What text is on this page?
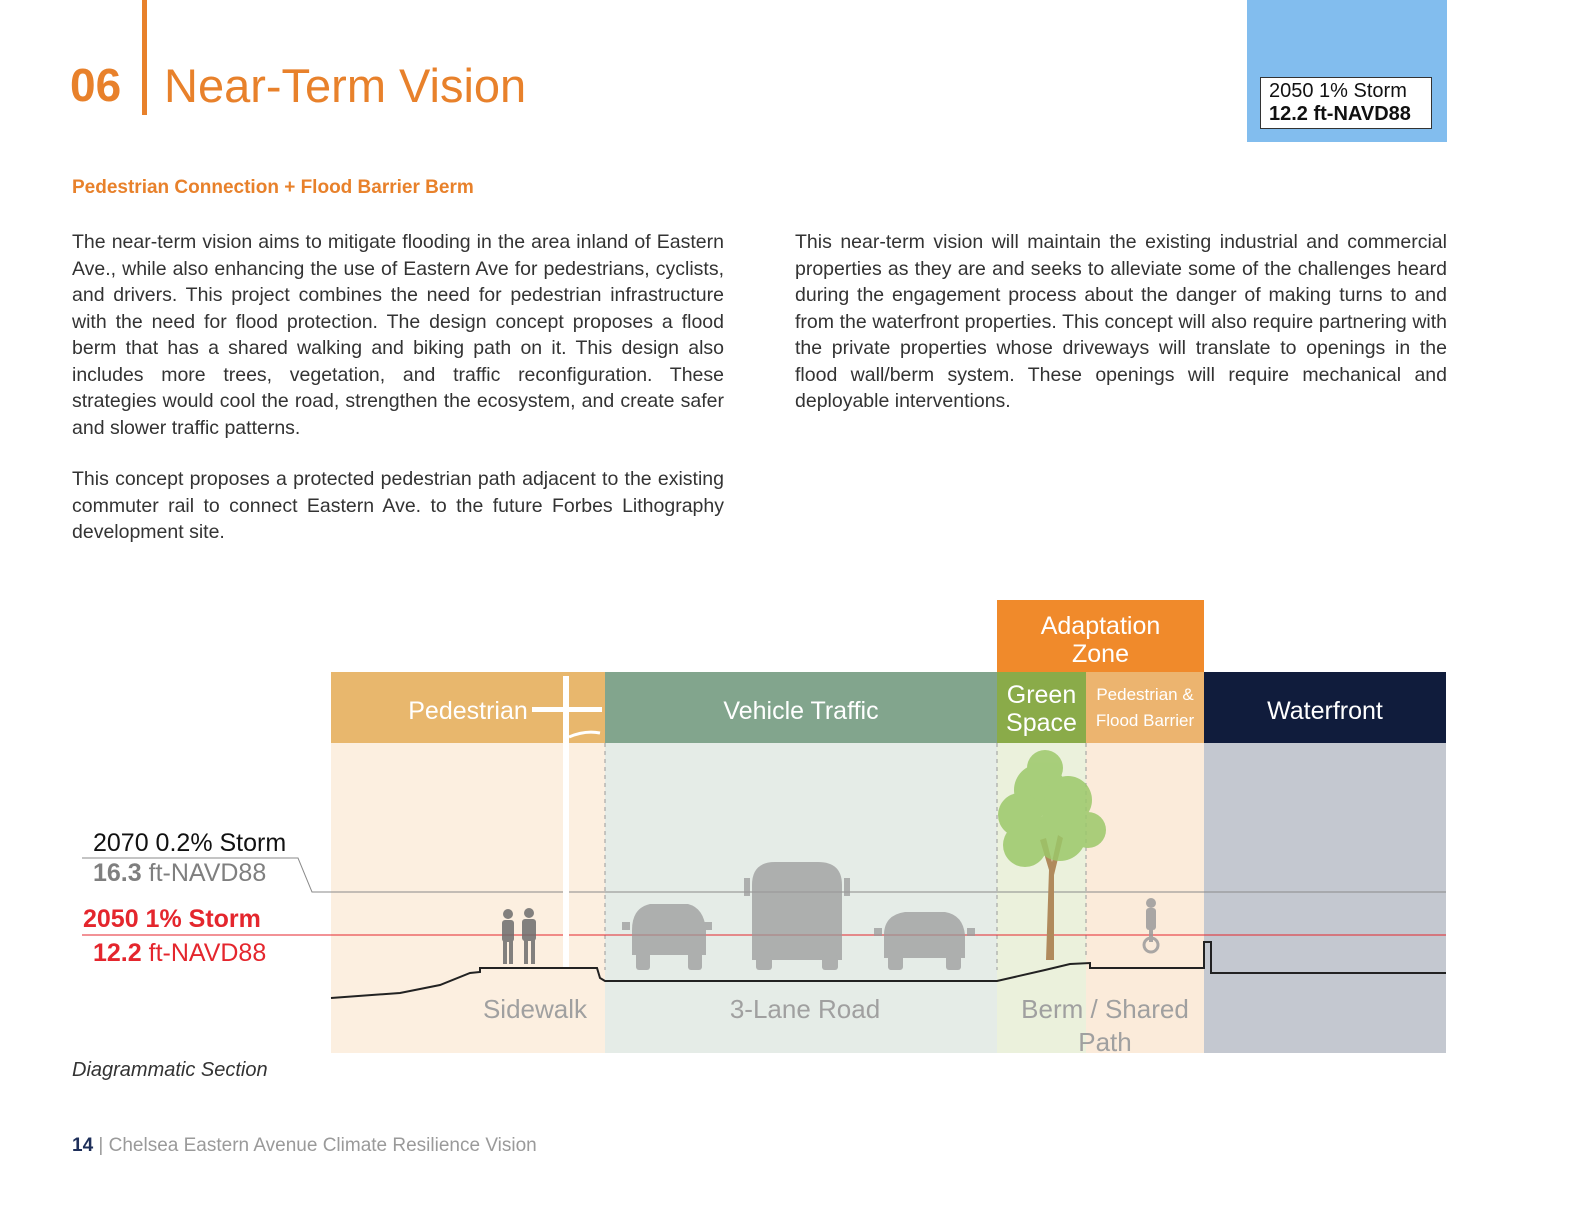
06 Near-Term Vision	2050 1% Storm
12.2 ft-NAVD88
Pedestrian Connection + Flood Barrier Berm
The near-term vision aims to mitigate flooding in the area inland of Eastern Ave., while also enhancing the use of Eastern Ave for pedestrians, cyclists, and drivers. This project combines the need for pedestrian infrastructure with the need for flood protection. The design concept proposes a flood berm that has a shared walking and biking path on it. This design also includes more trees, vegetation, and traffic reconfiguration. These strategies would cool the road, strengthen the ecosystem, and create safer and slower traffic patterns.
This concept proposes a protected pedestrian path adjacent to the existing commuter rail to connect Eastern Ave. to the future Forbes Lithography development site.
This near-term vision will maintain the existing industrial and commercial properties as they are and seeks to alleviate some of the challenges heard during the engagement process about the danger of making turns to and from the waterfront properties. This concept will also require partnering with the private properties whose driveways will translate to openings in the flood wall/berm system. These openings will require mechanical and deployable interventions.
Adaptation
Zone
Pedestrian	Vehicle Traffic
Green
Space
Pedestrian &
Flood Barrier	Waterfront
Sidewalk	3-Lane Road	Berm / Shared
Path
2070 0.2% Storm
16.3 ft-NAVD88
2050 1% Storm
12.2 ft-NAVD88
Diagrammatic Section
14 | Chelsea Eastern Avenue Climate Resilience Vision
